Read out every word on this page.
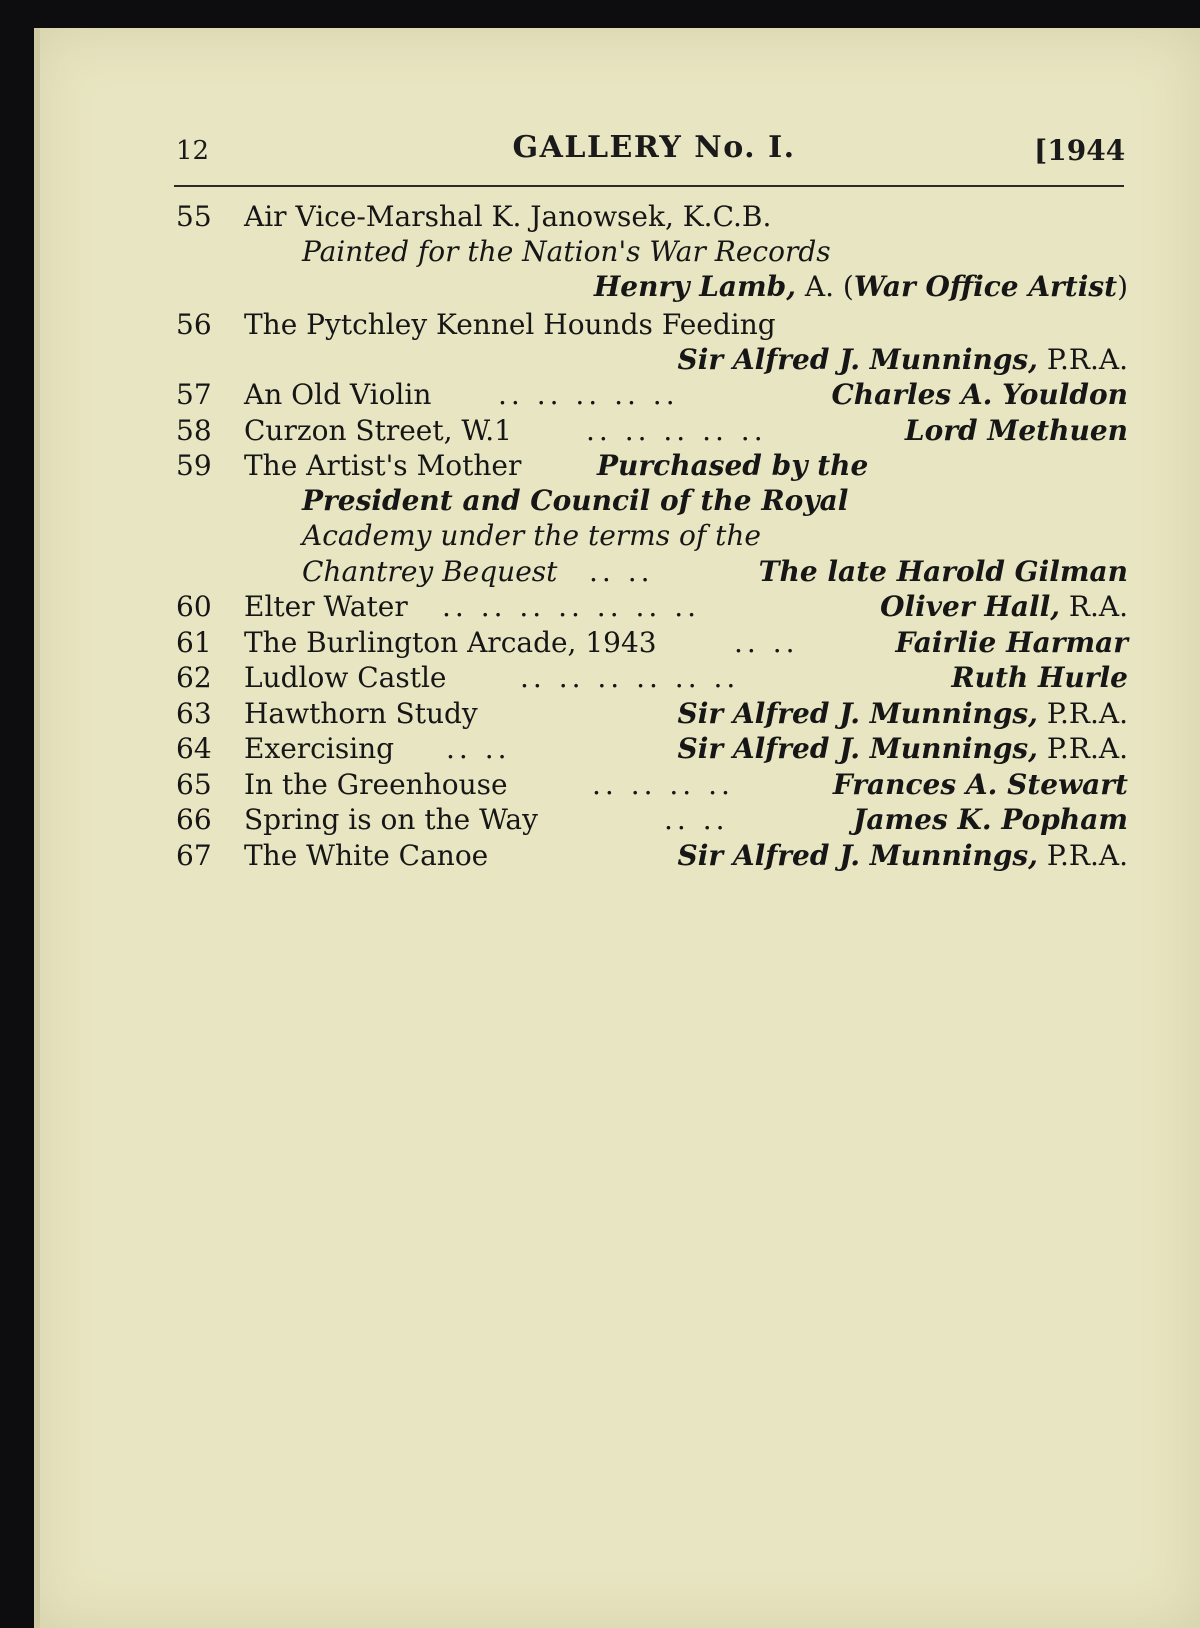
12	GALLERY No. I.	[1944
55 Air Vice-Marshal K. Janowsek, K.C.B.
Painted for the Nation's War Records
Henry Lamb, A. (War Office Artist)
56 The Pytchley Kennel Hounds Feeding
Sir Alfred J. Munnings, P.R.A.
57 An Old Violin .. .. .. .. ..	Charles A. Youldon
58 Curzon Street, W.1	.. .. .. .. ..	Lord Methuen
59 The Artist's Mother	Purchased by the
President and Council of the Royal
Academy under the terms of the
Chantrey Bequest .. ..	The late Harold Gilman
60 Elter Water .. .. .. .. .. .. ..	Oliver Hall, R.A.
61 The Burlington Arcade, 1943	.. ..	Fairlie Harmar
62 Ludlow Castle	.. .. .. .. .. ..	Ruth Hurle
63 Hawthorn Study	Sir Alfred J. Munnings, P.R.A.
64 Exercising .. ..	Sir Alfred J. Munnings, P.R.A.
65 In the Greenhouse	.. .. .. ..	Frances A. Stewart
66 Spring is on the Way	.. ..	James K. Popham
67 The White Canoe	Sir Alfred J. Munnings, P.R.A.
